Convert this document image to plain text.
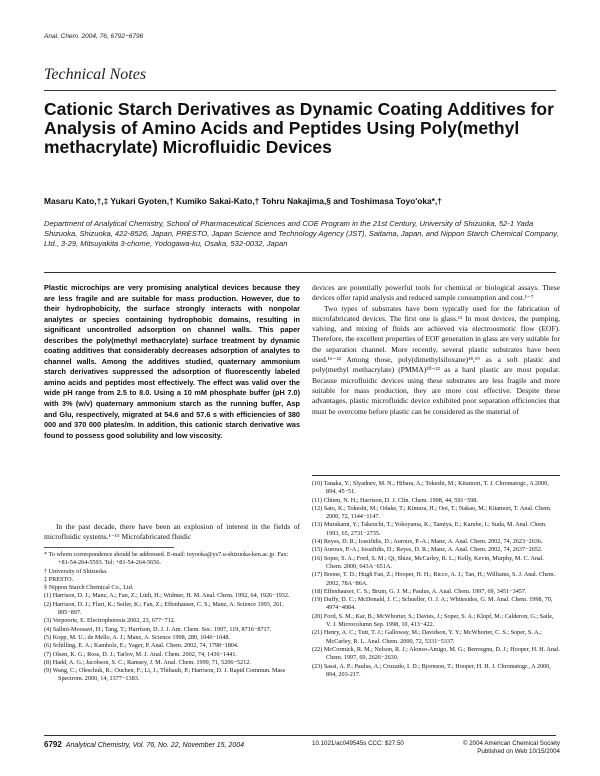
Anal. Chem. 2004, 76, 6792−6796
Technical Notes
Cationic Starch Derivatives as Dynamic Coating Additives for Analysis of Amino Acids and Peptides Using Poly(methyl methacrylate) Microfluidic Devices
Masaru Kato,†,‡ Yukari Gyoten,† Kumiko Sakai-Kato,† Tohru Nakajima,§ and Toshimasa Toyo'oka*,†
Department of Analytical Chemistry, School of Pharmaceutical Sciences and COE Program in the 21st Century, University of Shizuoka, 52-1 Yada Shizuoka, Shizuoka, 422-8526, Japan, PRESTO, Japan Science and Technology Agency (JST), Saitama, Japan, and Nippon Starch Chemical Company, Ltd., 3-29, Mitsuyakita 3-chome, Yodogawa-ku, Osaka, 532-0032, Japan
Plastic microchips are very promising analytical devices because they are less fragile and are suitable for mass production. However, due to their hydrophobicity, the surface strongly interacts with nonpolar analytes or species containing hydrophobic domains, resulting in significant uncontrolled adsorption on channel walls. This paper describes the poly(methyl methacrylate) surface treatment by dynamic coating additives that considerably decreases adsorption of analytes to channel walls. Among the additives studied, quaternary ammonium starch derivatives suppressed the adsorption of fluorescently labeled amino acids and peptides most effectively. The effect was valid over the wide pH range from 2.5 to 8.0. Using a 10 mM phosphate buffer (pH 7.0) with 3% (w/v) quaternary ammonium starch as the running buffer, Asp and Glu, respectively, migrated at 54.6 and 57.6 s with efficiencies of 380 000 and 370 000 plates/m. In addition, this cationic starch derivative was found to possess good solubility and low viscosity.
In the past decade, there have been an explosion of interest in the fields of microfluidic systems.¹⁻¹⁵ Microfabricated fluidic
* To whom correspondence should be addressed. E-mail: toyooka@ys7.u-shizuoka-ken.ac.jp. Fax: +81-54-264-5593. Tel: +81-54-264-5656.
† University of Shizuoka.
‡ PRESTO.
§ Nippon Starch Chemical Co., Ltd.
(1) Harrison, D. J.; Manz, A.; Fan, Z.; Lüdi, H.; Widmer, H. M. Anal. Chem. 1992, 64, 1926−1932.
(2) Harrison, D. J.; Fluri, K.; Seiler, K.; Fan, Z.; Effenhauser, C. S.; Manz, A. Science 1993, 261, 895−897.
(3) Verpoorte, E. Electrophoresis 2002, 23, 677−712.
(4) Sallmi-Moosavi, H.; Tang, T.; Harrison, D. J. J. Am. Chem. Soc. 1997, 119, 8716−8717.
(5) Kopp, M. U.; de Mello, A. J.; Manz, A. Science 1998, 280, 1046−1048.
(6) Schilling, E. A.; Kamholz, E.; Yager, P. Anal. Chem. 2002, 74, 1798−1804.
(7) Olsen, K. G.; Ross, D. J.; Tarlov, M. J. Anal. Chem. 2002, 74, 1436−1441.
(8) Hadd, A. G.; Jacobson, S. C.; Ramsey, J. M. Anal. Chem. 1999, 71, 5206−5212.
(9) Wang, C.; Oleschuk, R.; Ouchen, F.; Li, J.; Thibault, P.; Harrison, D. J. Rapid Commun. Mass Spectrom. 2000, 14, 1377−1383.

devices are potentially powerful tools for chemical or biological assays. These devices offer rapid analysis and reduced sample consumption and cost.¹⁻⁷

Two types of substrates have been typically used for the fabrication of microfabricated devices. The first one is glass.¹² In most devices, the pumping, valving, and mixing of fluids are achieved via electroosmotic flow (EOF). Therefore, the excellent properties of EOF generation in glass are very suitable for the separation channel. More recently, several plastic substrates have been used.¹⁶⁻²² Among those, poly(dimethylsiloxane)¹⁸,¹⁹ as a soft plastic and poly(methyl methacrylate) (PMMA)²⁰⁻²² as a hard plastic are most popular. Because microfluidic devices using these substrates are less fragile and more suitable for mass production, they are more cost effective. Despite these advantages, plastic microfluidic device exhibited poor separation efficiencies that must be overcome before plastic can be considered as the material of

(10) Tanaka, Y.; Slyadnev, M. N.; Hibara, A.; Tokeshi, M.; Kitamori, T. J. Chromatogr., A 2000, 894, 45−51.
(11) Chiem, N. H.; Harrison, D. J. Clin. Chem. 1998, 44, 591−598.
(12) Sato, K.; Tokeshi, M.; Odake, T.; Kimura, H.; Ooi, T.; Nakao, M.; Kitamori, T. Anal. Chem. 2000, 72, 1144−1147.
(13) Murakami, Y.; Takeuchi, T.; Yokoyama, K.; Tamiya, E.; Karube, I.; Suda, M. Anal. Chem. 1993, 65, 2731−2735.
(14) Reyes, D. R.; Iossifidis, D.; Auroux, P.-A.; Manz, A. Anal. Chem. 2002, 74, 2623−2636.
(15) Auroux, P.-A.; Iossifidis, D.; Reyes, D. R.; Manz, A. Anal. Chem. 2002, 74, 2637−2652.
(16) Soper, S. A.; Ford, S. M.; Qi, Shize, McCarley, R. L.; Kelly, Kevin, Murphy, M. C. Anal. Chem. 2000, 643A−651A.
(17) Boone, T. D.; Hugh Fan, Z.; Hooper, H. H.; Ricco, A. J.; Tan, H.; Williams, S. J. Anal. Chem. 2002, 78A−86A.
(18) Effenhauser, C. S.; Bruin, G. J. M.; Paulus, A. Anal. Chem. 1997, 69, 3451−3457.
(19) Duffy, D. C.; McDonald, J. C.; Schueller, O. J. A.; Whitesides, G. M. Anal. Chem. 1998, 70, 4974−4984.
(20) Ford, S. M.; Kar, B.; McWhorter, S.; Davies, J.; Soper, S. A.; Klopf, M.; Calderon, G.; Saile, V. J. Microcolumn Sep. 1998, 10, 413−422.
(21) Henry, A. C.; Tutt, T. J.; Galloway, M.; Davidson, Y. Y.; McWhorter, C. S.; Soper, S. A.; McCarley, R. L. Anal. Chem. 2000, 72, 5331−5337.
(22) McCormick, R. M.; Nelson, R. J.; Alonso-Amigo, M. G.; Benvegnu, D. J.; Hooper, H. H. Anal. Chem. 1997, 69, 2626−2630.
(23) Sassi, A. P.; Paulus, A.; Cruzado, I. D.; Bjornson, T.; Hooper, H. H. J. Chromatogr., A 2000, 894, 203-217.
6792 Analytical Chemistry, Vol. 76, No. 22, November 15, 2004	10.1021/ac049545s CCC: $27.50	© 2004 American Chemical Society
Published on Web 10/15/2004
